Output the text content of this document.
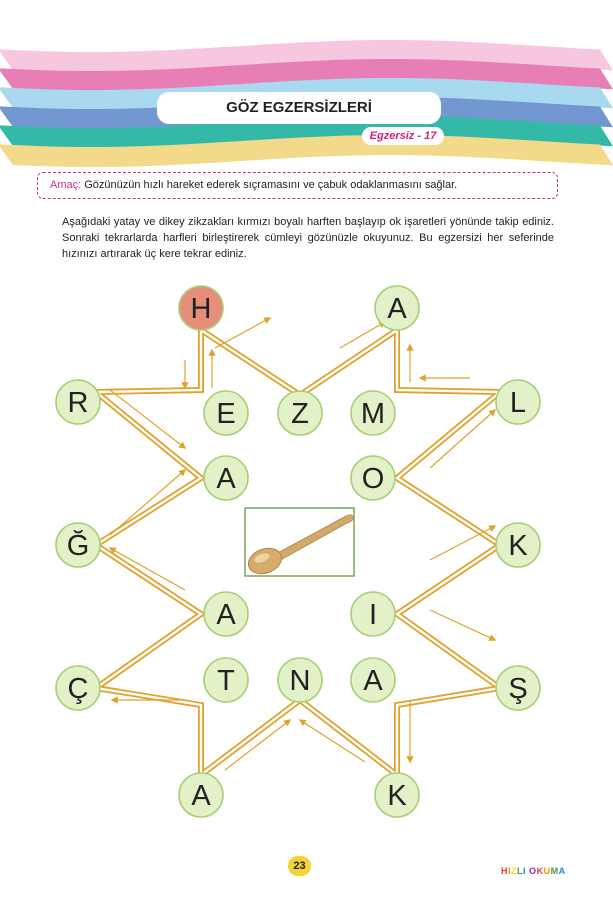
GÖZ EGZERSİZLERİ
Egzersiz - 17
Amaç: Gözünüzün hızlı hareket ederek sıçramasını ve çabuk odaklanmasını sağlar.
Aşağıdaki yatay ve dikey zikzakları kırmızı boyalı harften başlayıp ok işaretleri yönünde takip ediniz. Sonraki tekrarlarda harfleri birleştirerek cümleyi gözünüzle okuyunuz. Bu egzersizi her seferinde hızınızı artırarak üç kere tekrar ediniz.
H	A
R	E Z M	L
A	O
Ğ	K
A	I
Ç	T N A	Ş
A	K
23	HIZLI OKUMA
